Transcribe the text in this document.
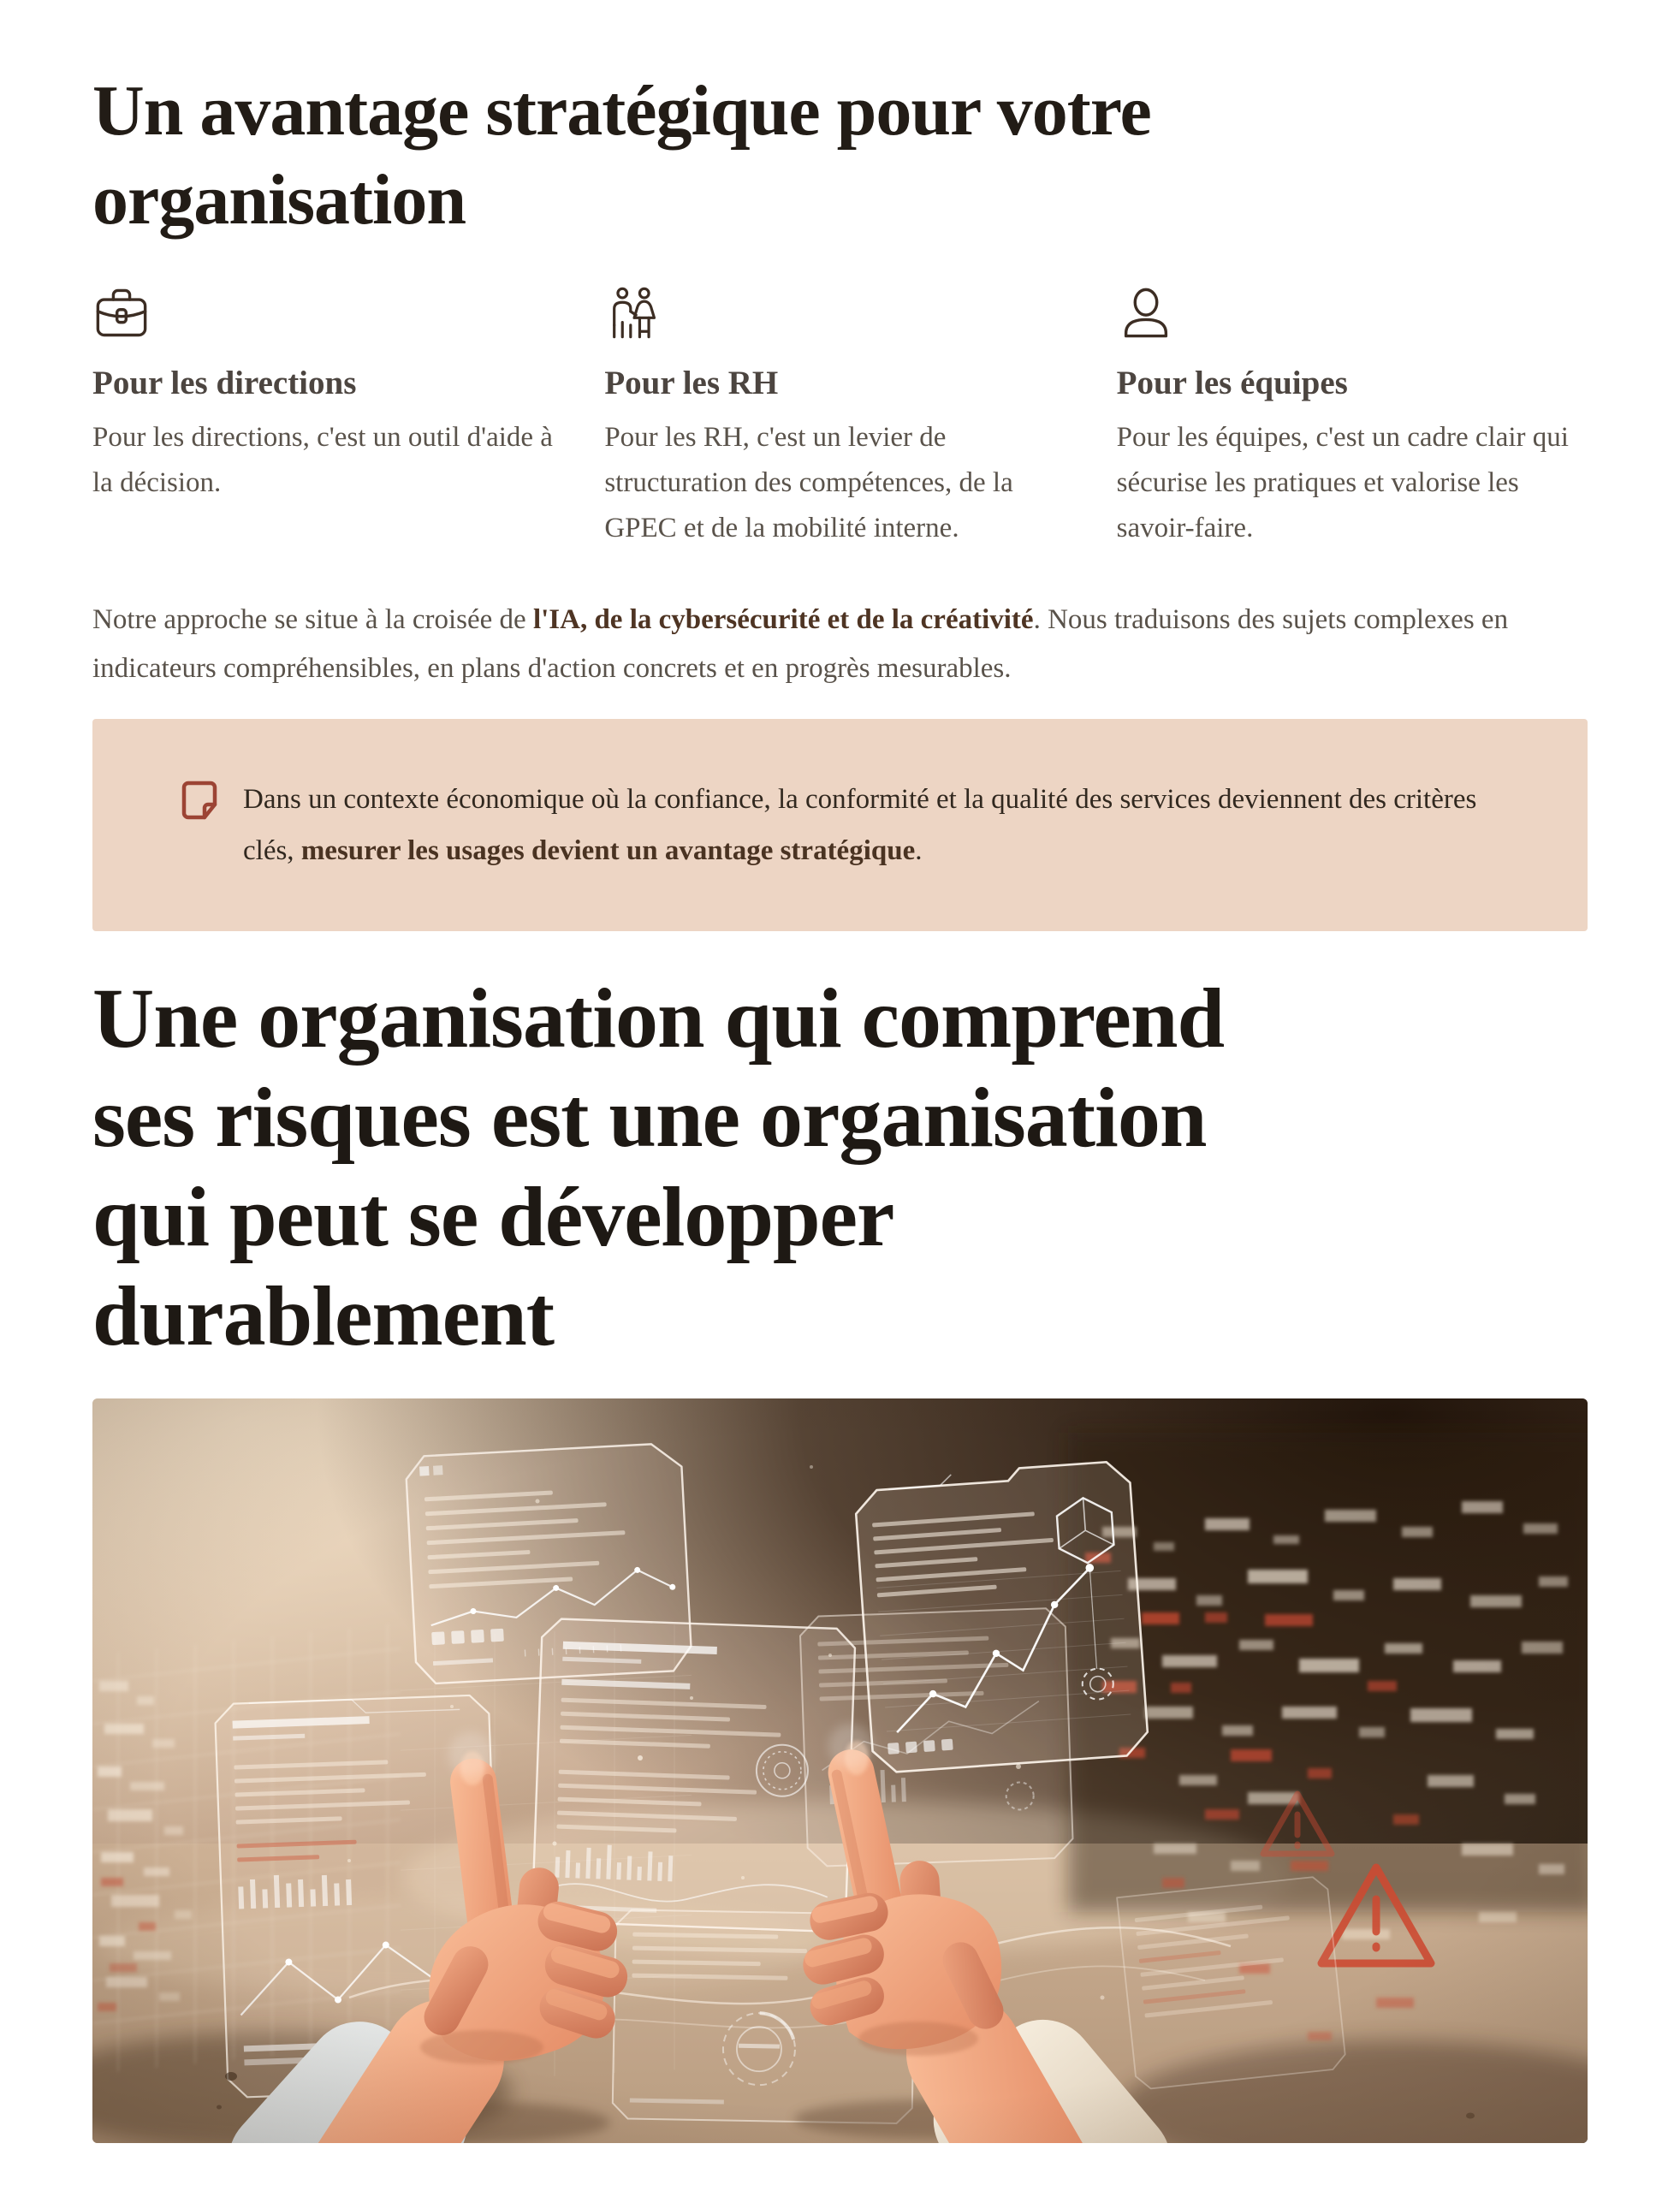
Un avantage stratégique pour votre
organisation
Pour les directions

Pour les directions, c'est un outil d'aide à la décision.

Pour les RH

Pour les RH, c'est un levier de structuration des compétences, de la GPEC et de la mobilité interne.

Pour les équipes

Pour les équipes, c'est un cadre clair qui sécurise les pratiques et valorise les savoir-faire.

Notre approche se situe à la croisée de l'IA, de la cybersécurité et de la créativité. Nous traduisons des sujets complexes en indicateurs compréhensibles, en plans d'action concrets et en progrès mesurables.

Dans un contexte économique où la confiance, la conformité et la qualité des services deviennent des critères clés, mesurer les usages devient un avantage stratégique.

Une organisation qui comprend
ses risques est une organisation
qui peut se développer
durablement
